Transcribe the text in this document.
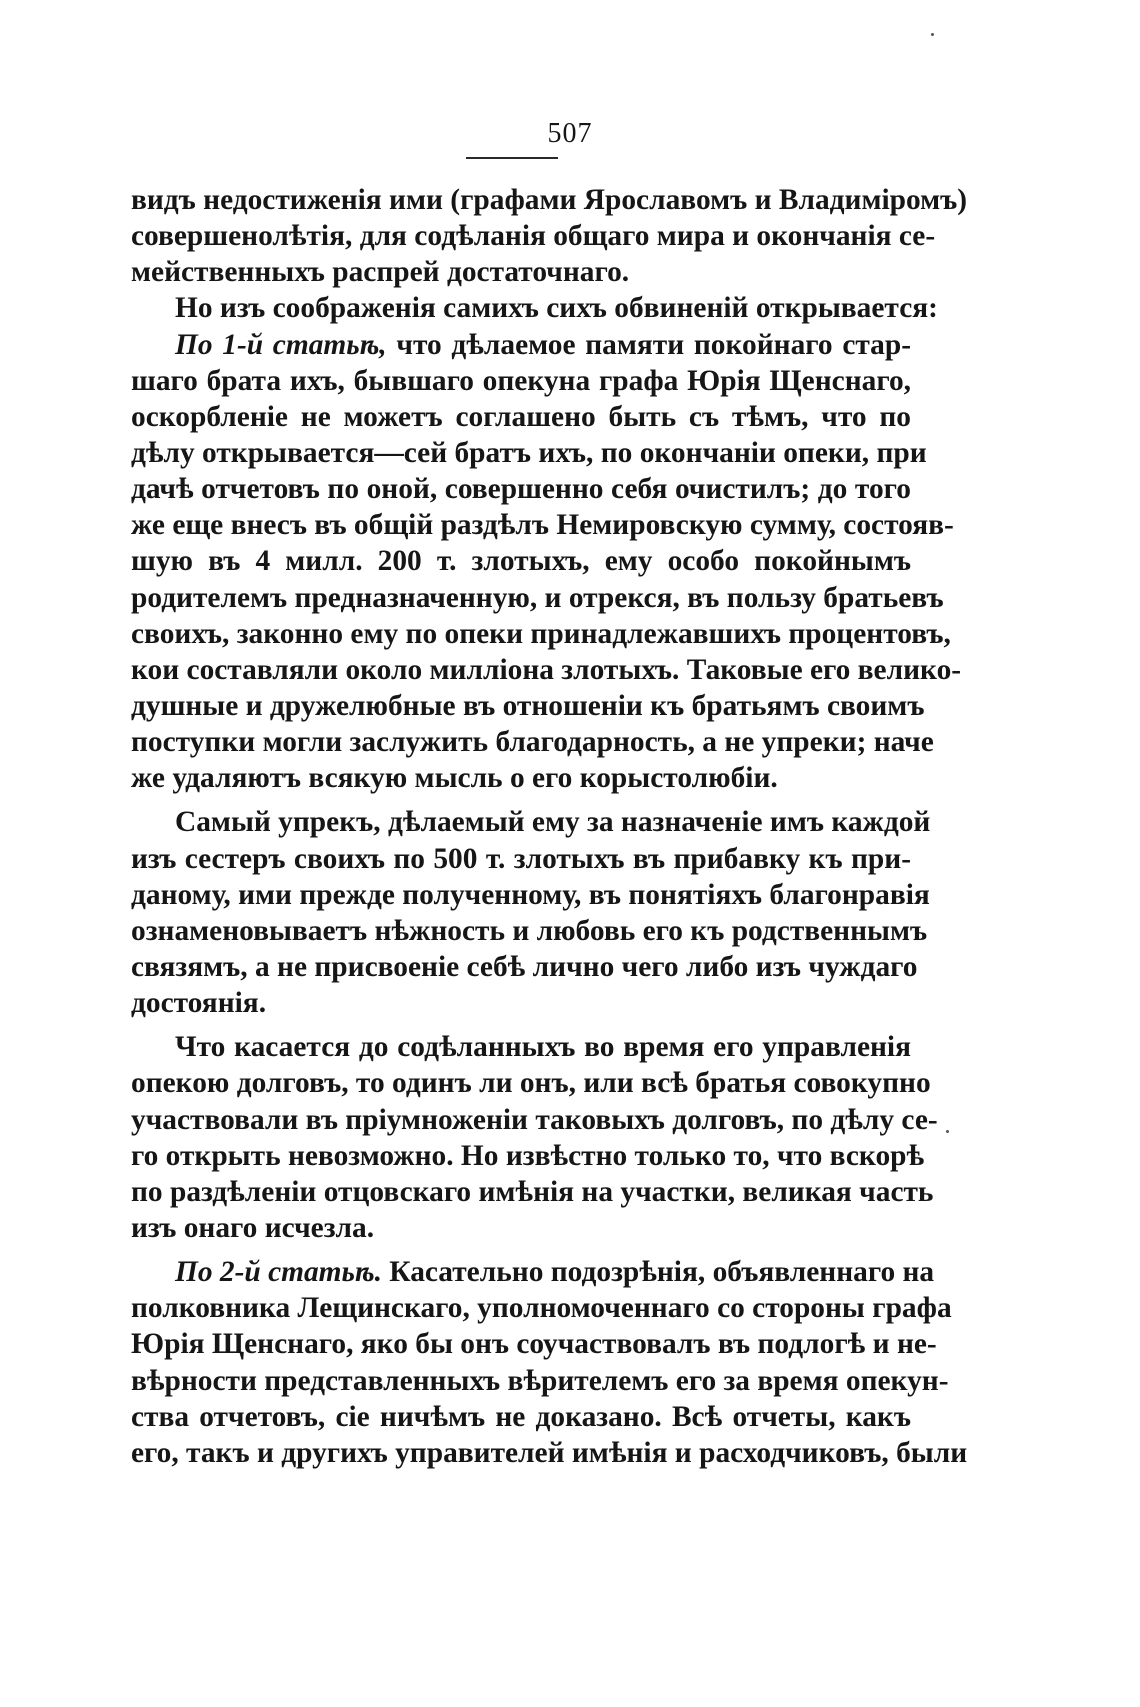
507
видъ недостиженія ими (графами Ярославомъ и Владиміромъ)
совершенолѣтія, для содѣланія общаго мира и окончанія се-
мейственныхъ распрей достаточнаго.
Но изъ соображенія самихъ сихъ обвиненій открывается:
По 1-й статьѣ, что дѣлаемое памяти покойнаго стар-
шаго брата ихъ, бывшаго опекуна графа Юрія Щенснаго,
оскорбленіе не можетъ соглашено быть съ тѣмъ, что по
дѣлу открывается—сей братъ ихъ, по окончаніи опеки, при
дачѣ отчетовъ по оной, совершенно себя очистилъ; до того
же еще внесъ въ общій раздѣлъ Немировскую сумму, состояв-
шую въ 4 милл. 200 т. злотыхъ, ему особо покойнымъ
родителемъ предназначенную, и отрекся, въ пользу братьевъ
своихъ, законно ему по опеки принадлежавшихъ процентовъ,
кои составляли около милліона злотыхъ. Таковые его велико-
душные и дружелюбные въ отношеніи къ братьямъ своимъ
поступки могли заслужить благодарность, а не упреки; наче
же удаляютъ всякую мысль о его корыстолюбіи.
Самый упрекъ, дѣлаемый ему за назначеніе имъ каждой
изъ сестеръ своихъ по 500 т. злотыхъ въ прибавку къ при-
даному, ими прежде полученному, въ понятіяхъ благонравія
ознаменовываетъ нѣжность и любовь его къ родственнымъ
связямъ, а не присвоеніе себѣ лично чего либо изъ чуждаго
достоянія.
Что касается до содѣланныхъ во время его управленія
опекою долговъ, то одинъ ли онъ, или всѣ братья совокупно
участвовали въ пріумноженіи таковыхъ долговъ, по дѣлу се-
го открыть невозможно. Но извѣстно только то, что вскорѣ
по раздѣленіи отцовскаго имѣнія на участки, великая часть
изъ онаго исчезла.
По 2-й статьѣ. Касательно подозрѣнія, объявленнаго на
полковника Лещинскаго, уполномоченнаго со стороны графа
Юрія Щенснаго, яко бы онъ соучаствовалъ въ подлогѣ и не-
вѣрности представленныхъ вѣрителемъ его за время опекун-
ства отчетовъ, сіе ничѣмъ не доказано. Всѣ отчеты, какъ
его, такъ и другихъ управителей имѣнія и расходчиковъ, были
